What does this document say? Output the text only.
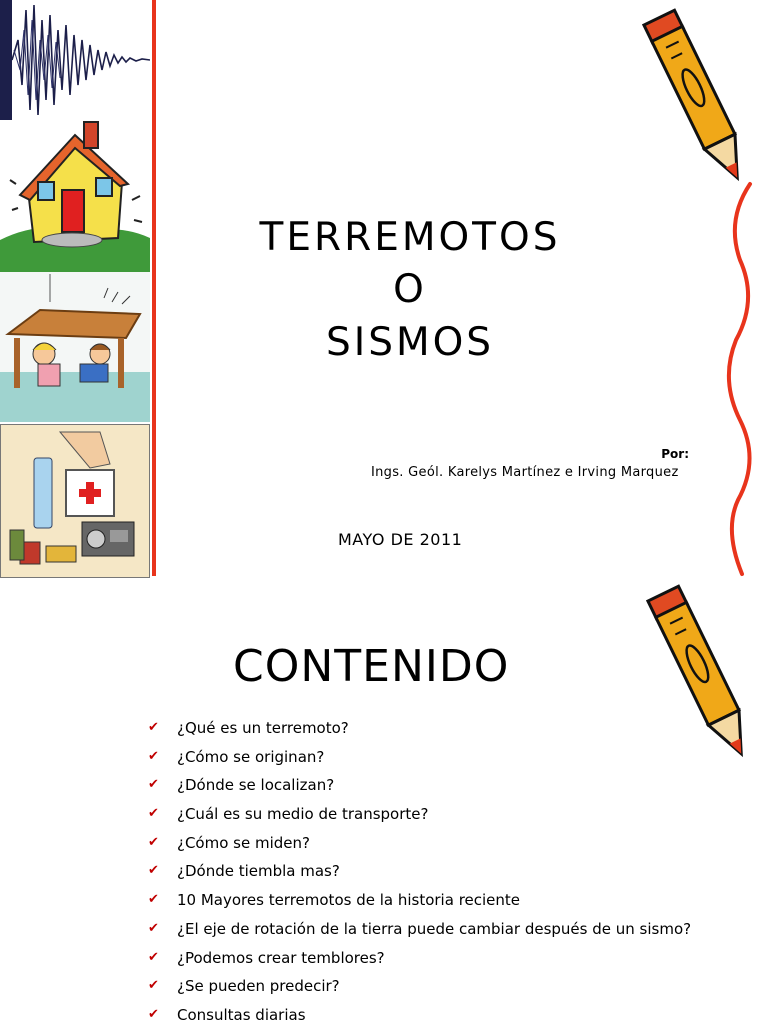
TERREMOTOS
O
SISMOS
Por:
Ings. Geól. Karelys Martínez e Irving Marquez
MAYO DE 2011
CONTENIDO
✔	¿Qué es un terremoto?
✔	¿Cómo se originan?
✔	¿Dónde se localizan?
✔	¿Cuál es su medio de transporte?
✔	¿Cómo se miden?
✔	¿Dónde tiembla mas?
✔	10 Mayores terremotos de la historia reciente
✔	¿El eje de rotación de la tierra puede cambiar después de un sismo?
✔	¿Podemos crear temblores?
✔	¿Se pueden predecir?
✔	Consultas diarias
